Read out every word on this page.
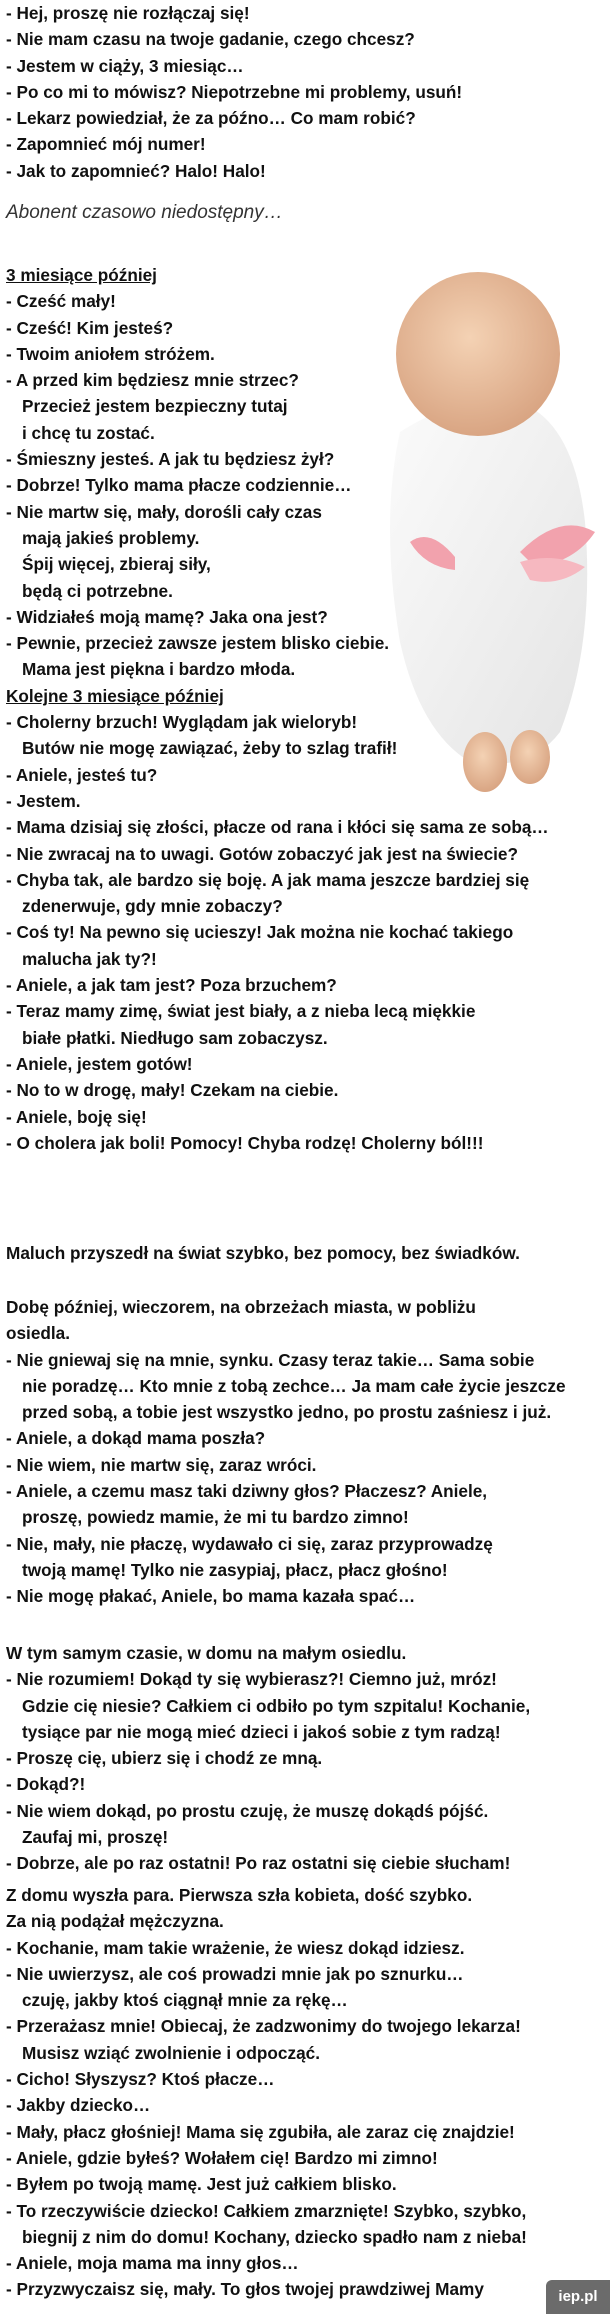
- Hej, proszę nie rozłączaj się!
- Nie mam czasu na twoje gadanie, czego chcesz?
- Jestem w ciąży, 3 miesiąc…
- Po co mi to mówisz? Niepotrzebne mi problemy, usuń!
- Lekarz powiedział, że za późno… Co mam robić?
- Zapomnieć mój numer!
- Jak to zapomnieć? Halo! Halo!
Abonent czasowo niedostępny…
3 miesiące później
- Cześć mały!
- Cześć! Kim jesteś?
- Twoim aniołem stróżem.
- A przed kim będziesz mnie strzec?
Przecież jestem bezpieczny tutaj
i chcę tu zostać.
- Śmieszny jesteś. A jak tu będziesz żył?
- Dobrze! Tylko mama płacze codziennie…
- Nie martw się, mały, dorośli cały czas
mają jakieś problemy.
Śpij więcej, zbieraj siły,
będą ci potrzebne.
- Widziałeś moją mamę? Jaka ona jest?
- Pewnie, przecież zawsze jestem blisko ciebie.
Mama jest piękna i bardzo młoda.
Kolejne 3 miesiące później
- Cholerny brzuch! Wyglądam jak wieloryb!
Butów nie mogę zawiązać, żeby to szlag trafił!
- Aniele, jesteś tu?
- Jestem.
- Mama dzisiaj się złości, płacze od rana i kłóci się sama ze sobą…
- Nie zwracaj na to uwagi. Gotów zobaczyć jak jest na świecie?
- Chyba tak, ale bardzo się boję. A jak mama jeszcze bardziej się
zdenerwuje, gdy mnie zobaczy?
- Coś ty! Na pewno się ucieszy! Jak można nie kochać takiego
malucha jak ty?!
- Aniele, a jak tam jest? Poza brzuchem?
- Teraz mamy zimę, świat jest biały, a z nieba lecą miękkie
białe płatki. Niedługo sam zobaczysz.
- Aniele, jestem gotów!
- No to w drogę, mały! Czekam na ciebie.
- Aniele, boję się!
- O cholera jak boli! Pomocy! Chyba rodzę! Cholerny ból!!!
Maluch przyszedł na świat szybko, bez pomocy, bez świadków.
Dobę później, wieczorem, na obrzeżach miasta, w pobliżu
osiedla.
- Nie gniewaj się na mnie, synku. Czasy teraz takie… Sama sobie
nie poradzę… Kto mnie z tobą zechce… Ja mam całe życie jeszcze
przed sobą, a tobie jest wszystko jedno, po prostu zaśniesz i już.
- Aniele, a dokąd mama poszła?
- Nie wiem, nie martw się, zaraz wróci.
- Aniele, a czemu masz taki dziwny głos? Płaczesz? Aniele,
proszę, powiedz mamie, że mi tu bardzo zimno!
- Nie, mały, nie płaczę, wydawało ci się, zaraz przyprowadzę
twoją mamę! Tylko nie zasypiaj, płacz, płacz głośno!
- Nie mogę płakać, Aniele, bo mama kazała spać…
W tym samym czasie, w domu na małym osiedlu.
- Nie rozumiem! Dokąd ty się wybierasz?! Ciemno już, mróz!
Gdzie cię niesie? Całkiem ci odbiło po tym szpitalu! Kochanie,
tysiące par nie mogą mieć dzieci i jakoś sobie z tym radzą!
- Proszę cię, ubierz się i chodź ze mną.
- Dokąd?!
- Nie wiem dokąd, po prostu czuję, że muszę dokądś pójść.
Zaufaj mi, proszę!
- Dobrze, ale po raz ostatni! Po raz ostatni się ciebie słucham!
Z domu wyszła para. Pierwsza szła kobieta, dość szybko.
Za nią podążał mężczyzna.
- Kochanie, mam takie wrażenie, że wiesz dokąd idziesz.
- Nie uwierzysz, ale coś prowadzi mnie jak po sznurku…
czuję, jakby ktoś ciągnął mnie za rękę…
- Przerażasz mnie! Obiecaj, że zadzwonimy do twojego lekarza!
Musisz wziąć zwolnienie i odpocząć.
- Cicho! Słyszysz? Ktoś płacze…
- Jakby dziecko…
- Mały, płacz głośniej! Mama się zgubiła, ale zaraz cię znajdzie!
- Aniele, gdzie byłeś? Wołałem cię! Bardzo mi zimno!
- Byłem po twoją mamę. Jest już całkiem blisko.
- To rzeczywiście dziecko! Całkiem zmarznięte! Szybko, szybko,
biegnij z nim do domu! Kochany, dziecko spadło nam z nieba!
- Aniele, moja mama ma inny głos…
- Przyzwyczaisz się, mały. To głos twojej prawdziwej Mamy	iep.pl
